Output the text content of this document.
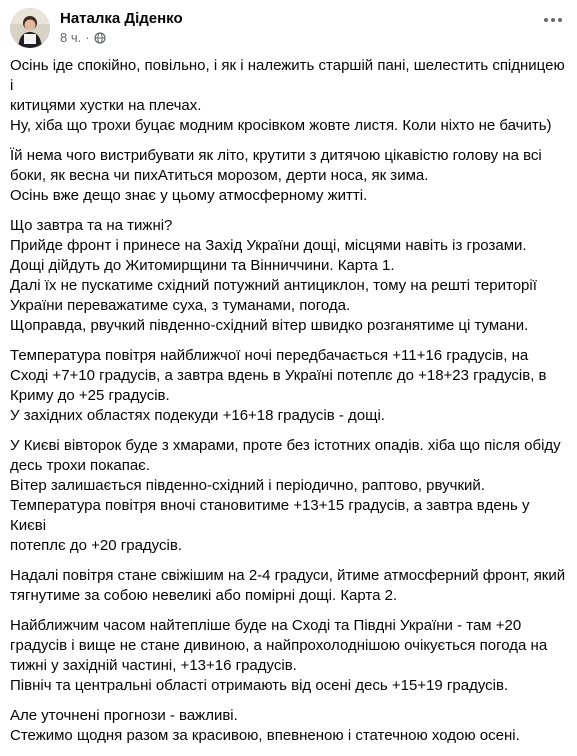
Наталка Діденко
8 ч. ·

Осінь іде спокійно, повільно, і як і належить старшій пані, шелестить спідницею і
китицями хустки на плечах.
Ну, хіба що трохи буцає модним кросівком жовте листя. Коли ніхто не бачить)

Їй нема чого вистрибувати як літо, крутити з дитячою цікавістю голову на всі
боки, як весна чи пихАтиться морозом, дерти носа, як зима.
Осінь вже дещо знає у цьому атмосферному житті.

Що завтра та на тижні?
Прийде фронт і принесе на Захід України дощі, місцями навіть із грозами.
Дощі дійдуть до Житомирщини та Вінниччини. Карта 1.
Далі їх не пускатиме східний потужний антициклон, тому на решті території
України переважатиме суха, з туманами, погода.
Щоправда, рвучкий південно-східний вітер швидко розганятиме ці тумани.

Температура повітря найближчої ночі передбачається +11+16 градусів, на
Сході +7+10 градусів, а завтра вдень в Україні потеплє до +18+23 градусів, в
Криму до +25 градусів.
У західних областях подекуди +16+18 градусів - дощі.

У Києві вівторок буде з хмарами, проте без істотних опадів. хіба що після обіду
десь трохи покапає.
Вітер залишається південно-східний і періодично, раптово, рвучкий.
Температура повітря вночі становитиме +13+15 градусів, а завтра вдень у Києві
потеплє до +20 градусів.

Надалі повітря стане свіжішим на 2-4 градуси, йтиме атмосферний фронт, який
тягнутиме за собою невеликі або помірні дощі. Карта 2.

Найближчим часом найтепліше буде на Сході та Півдні України - там +20
градусів і вище не стане дивиною, а найпрохолоднішою очікується погода на
тижні у західній частині, +13+16 градусів.
Північ та центральні області отримають від осені десь +15+19 градусів.

Але уточнені прогнози - важливі.
Стежимо щодня разом за красивою, впевненою і статечною ходою осені.
